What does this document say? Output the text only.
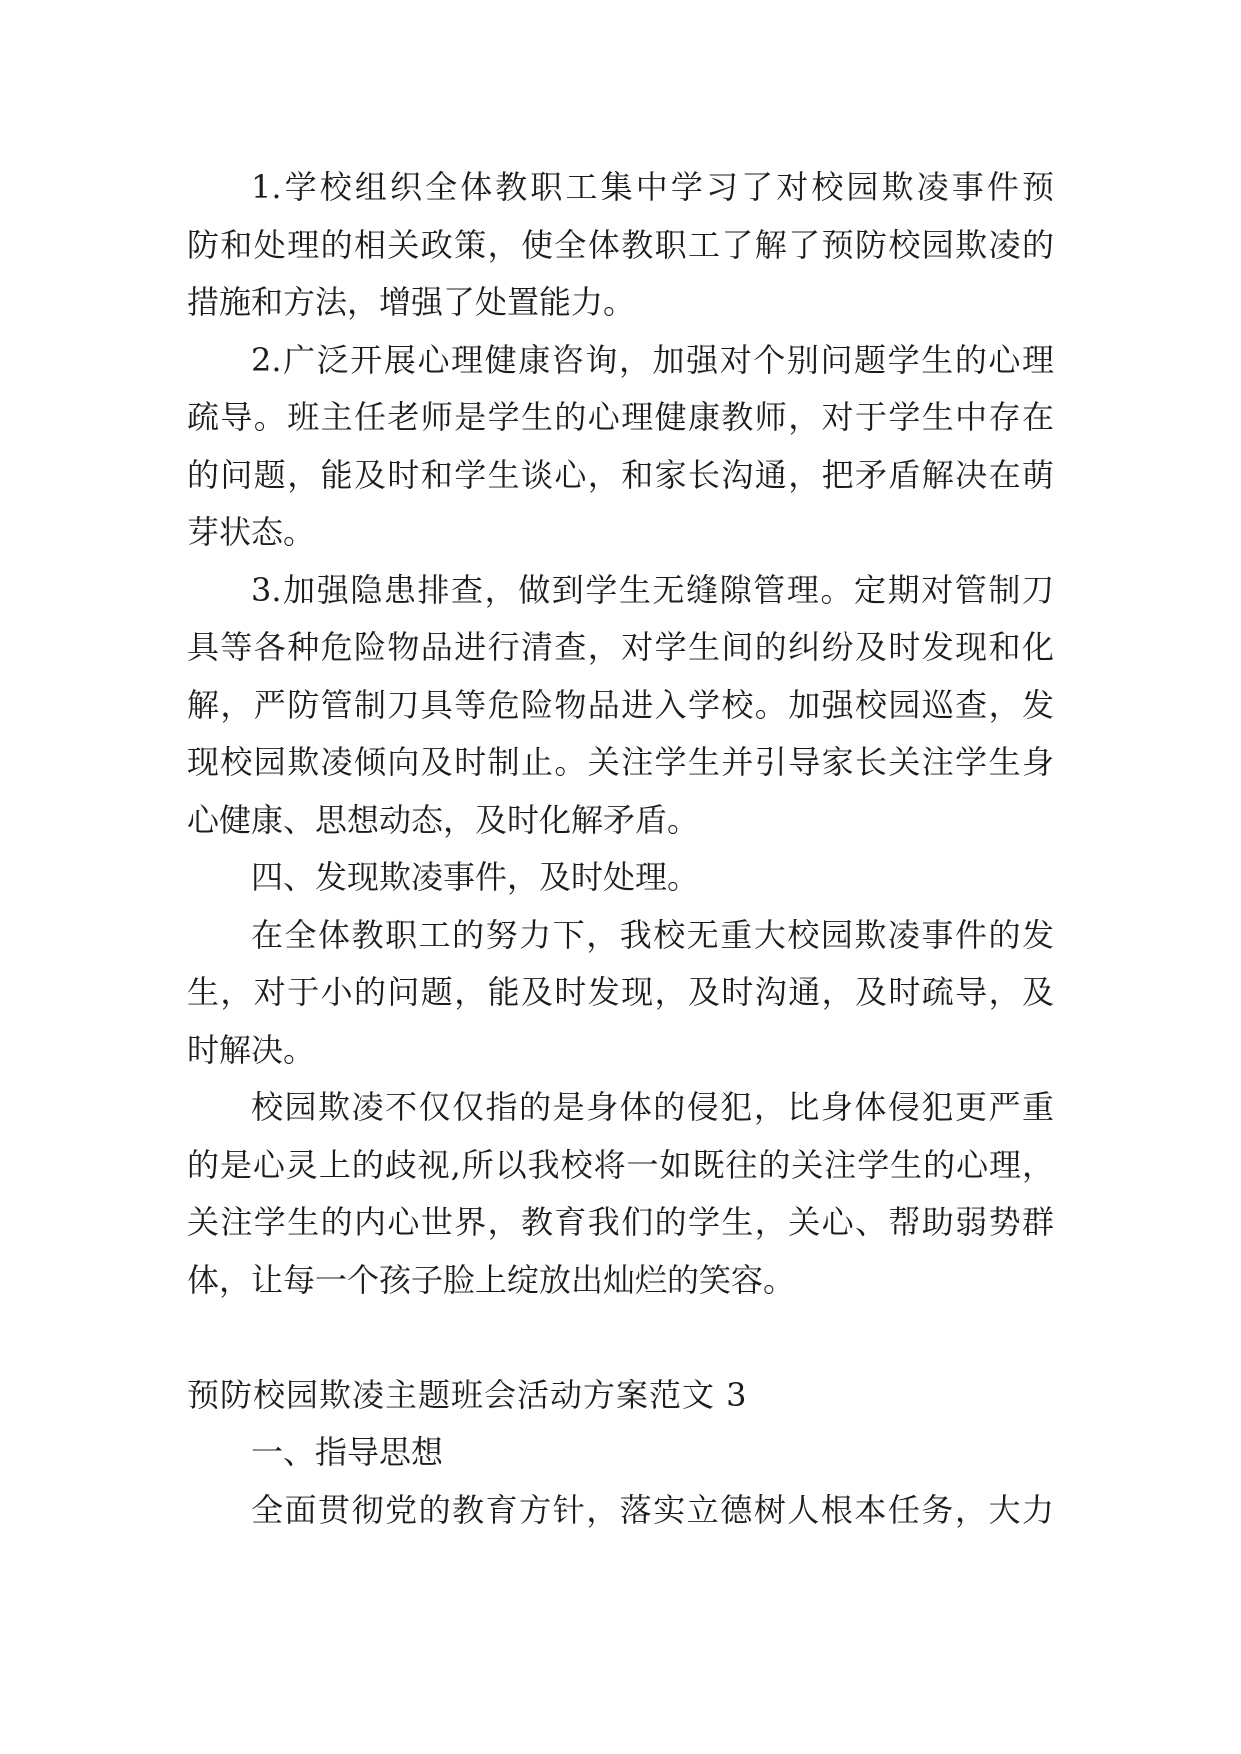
1.学校组织全体教职工集中学习了对校园欺凌事件预
防和处理的相关政策，使全体教职工了解了预防校园欺凌的
措施和方法，增强了处置能力。
2.广泛开展心理健康咨询，加强对个别问题学生的心理
疏导。班主任老师是学生的心理健康教师，对于学生中存在
的问题，能及时和学生谈心，和家长沟通，把矛盾解决在萌
芽状态。
3.加强隐患排查，做到学生无缝隙管理。定期对管制刀
具等各种危险物品进行清查，对学生间的纠纷及时发现和化
解，严防管制刀具等危险物品进入学校。加强校园巡查，发
现校园欺凌倾向及时制止。关注学生并引导家长关注学生身
心健康、思想动态，及时化解矛盾。
四、发现欺凌事件，及时处理。
在全体教职工的努力下，我校无重大校园欺凌事件的发
生，对于小的问题，能及时发现，及时沟通，及时疏导，及
时解决。
校园欺凌不仅仅指的是身体的侵犯，比身体侵犯更严重
的是心灵上的歧视,所以我校将一如既往的关注学生的心理，
关注学生的内心世界，教育我们的学生，关心、帮助弱势群
体，让每一个孩子脸上绽放出灿烂的笑容。
预防校园欺凌主题班会活动方案范文 3
一、指导思想
全面贯彻党的教育方针，落实立德树人根本任务，大力
